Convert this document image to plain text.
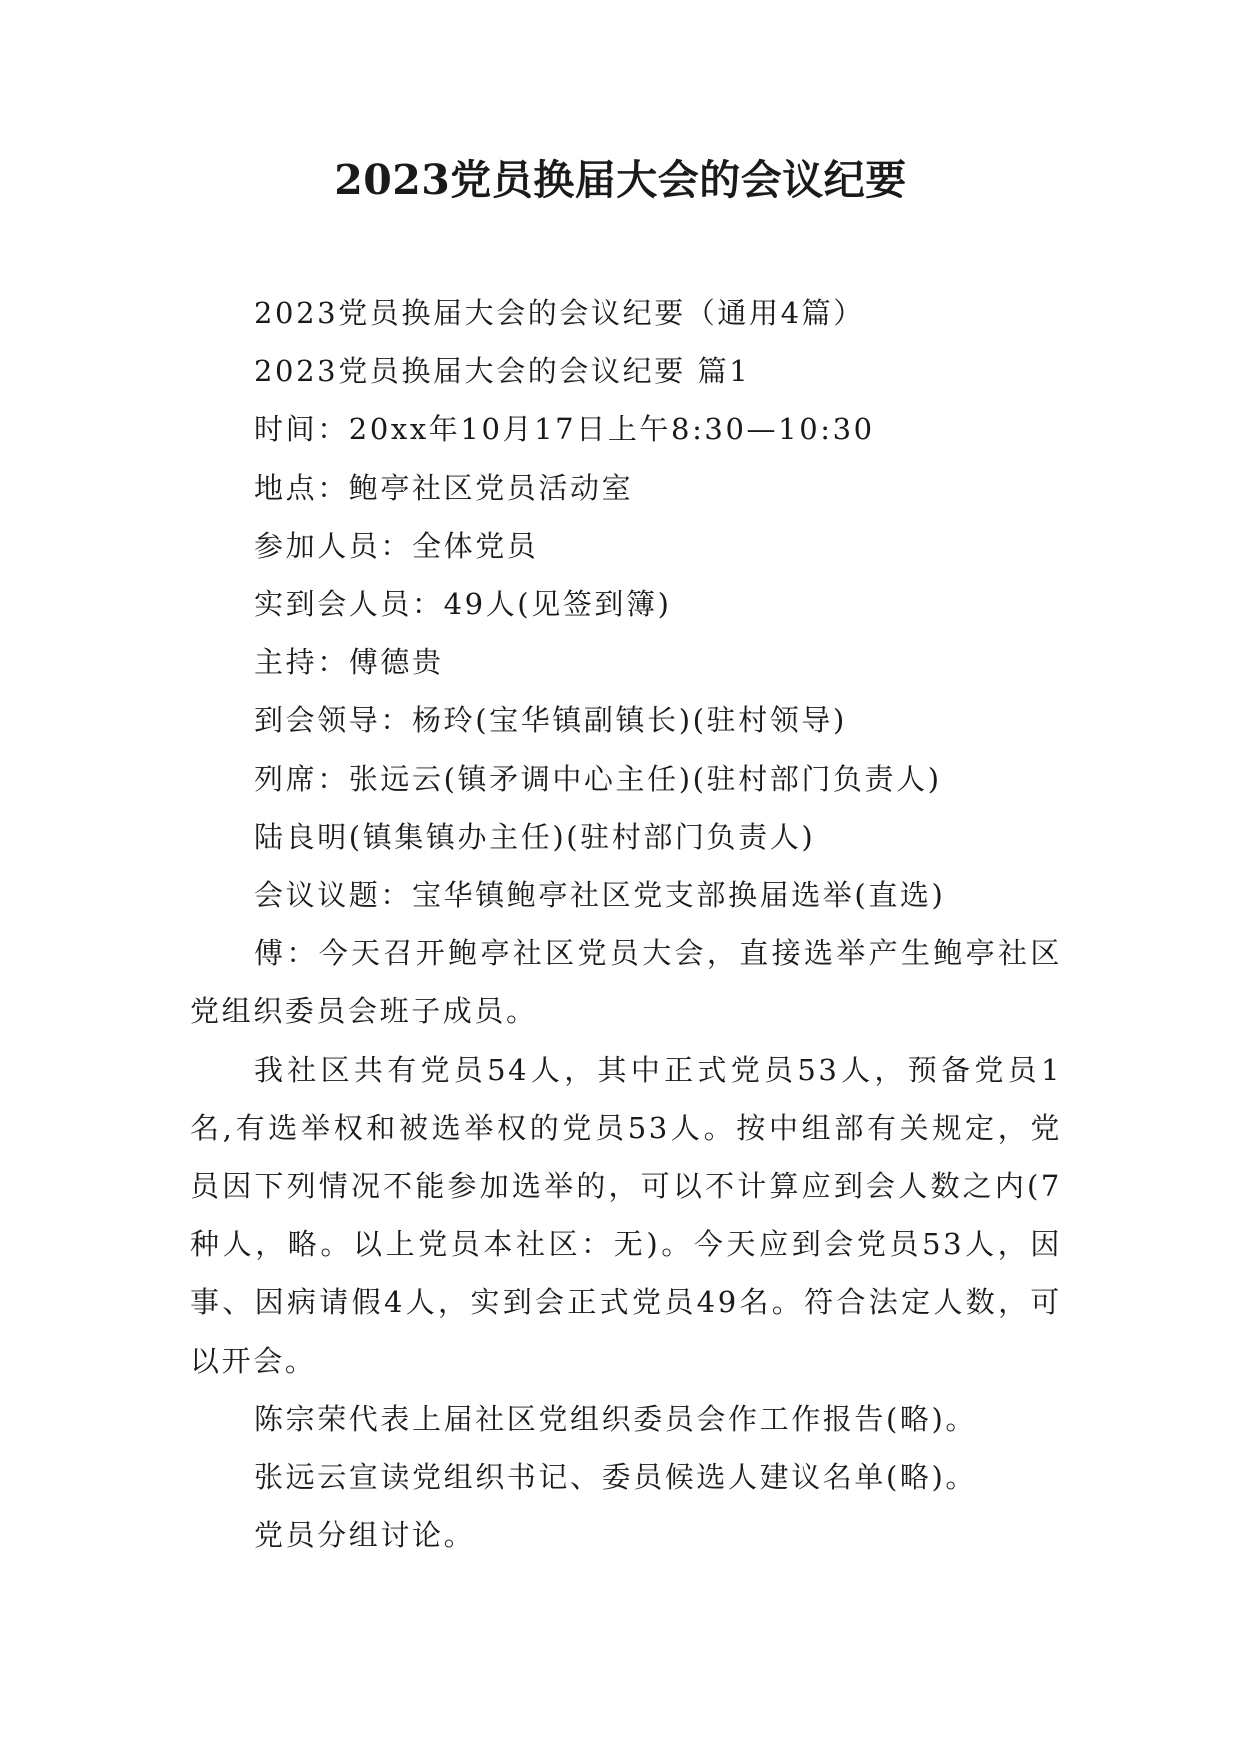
2023党员换届大会的会议纪要

2023党员换届大会的会议纪要（通用4篇）

2023党员换届大会的会议纪要 篇1

时间：20xx年10月17日上午8:30—10:30

地点：鲍亭社区党员活动室

参加人员：全体党员

实到会人员：49人(见签到簿)

主持：傅德贵

到会领导：杨玲(宝华镇副镇长)(驻村领导)

列席：张远云(镇矛调中心主任)(驻村部门负责人)

陆良明(镇集镇办主任)(驻村部门负责人)

会议议题：宝华镇鲍亭社区党支部换届选举(直选)

傅：今天召开鲍亭社区党员大会，直接选举产生鲍亭社区党组织委员会班子成员。

我社区共有党员54人，其中正式党员53人，预备党员1名,有选举权和被选举权的党员53人。按中组部有关规定，党员因下列情况不能参加选举的，可以不计算应到会人数之内(7种人，略。以上党员本社区：无)。今天应到会党员53人，因事、因病请假4人，实到会正式党员49名。符合法定人数，可以开会。

陈宗荣代表上届社区党组织委员会作工作报告(略)。

张远云宣读党组织书记、委员候选人建议名单(略)。

党员分组讨论。
